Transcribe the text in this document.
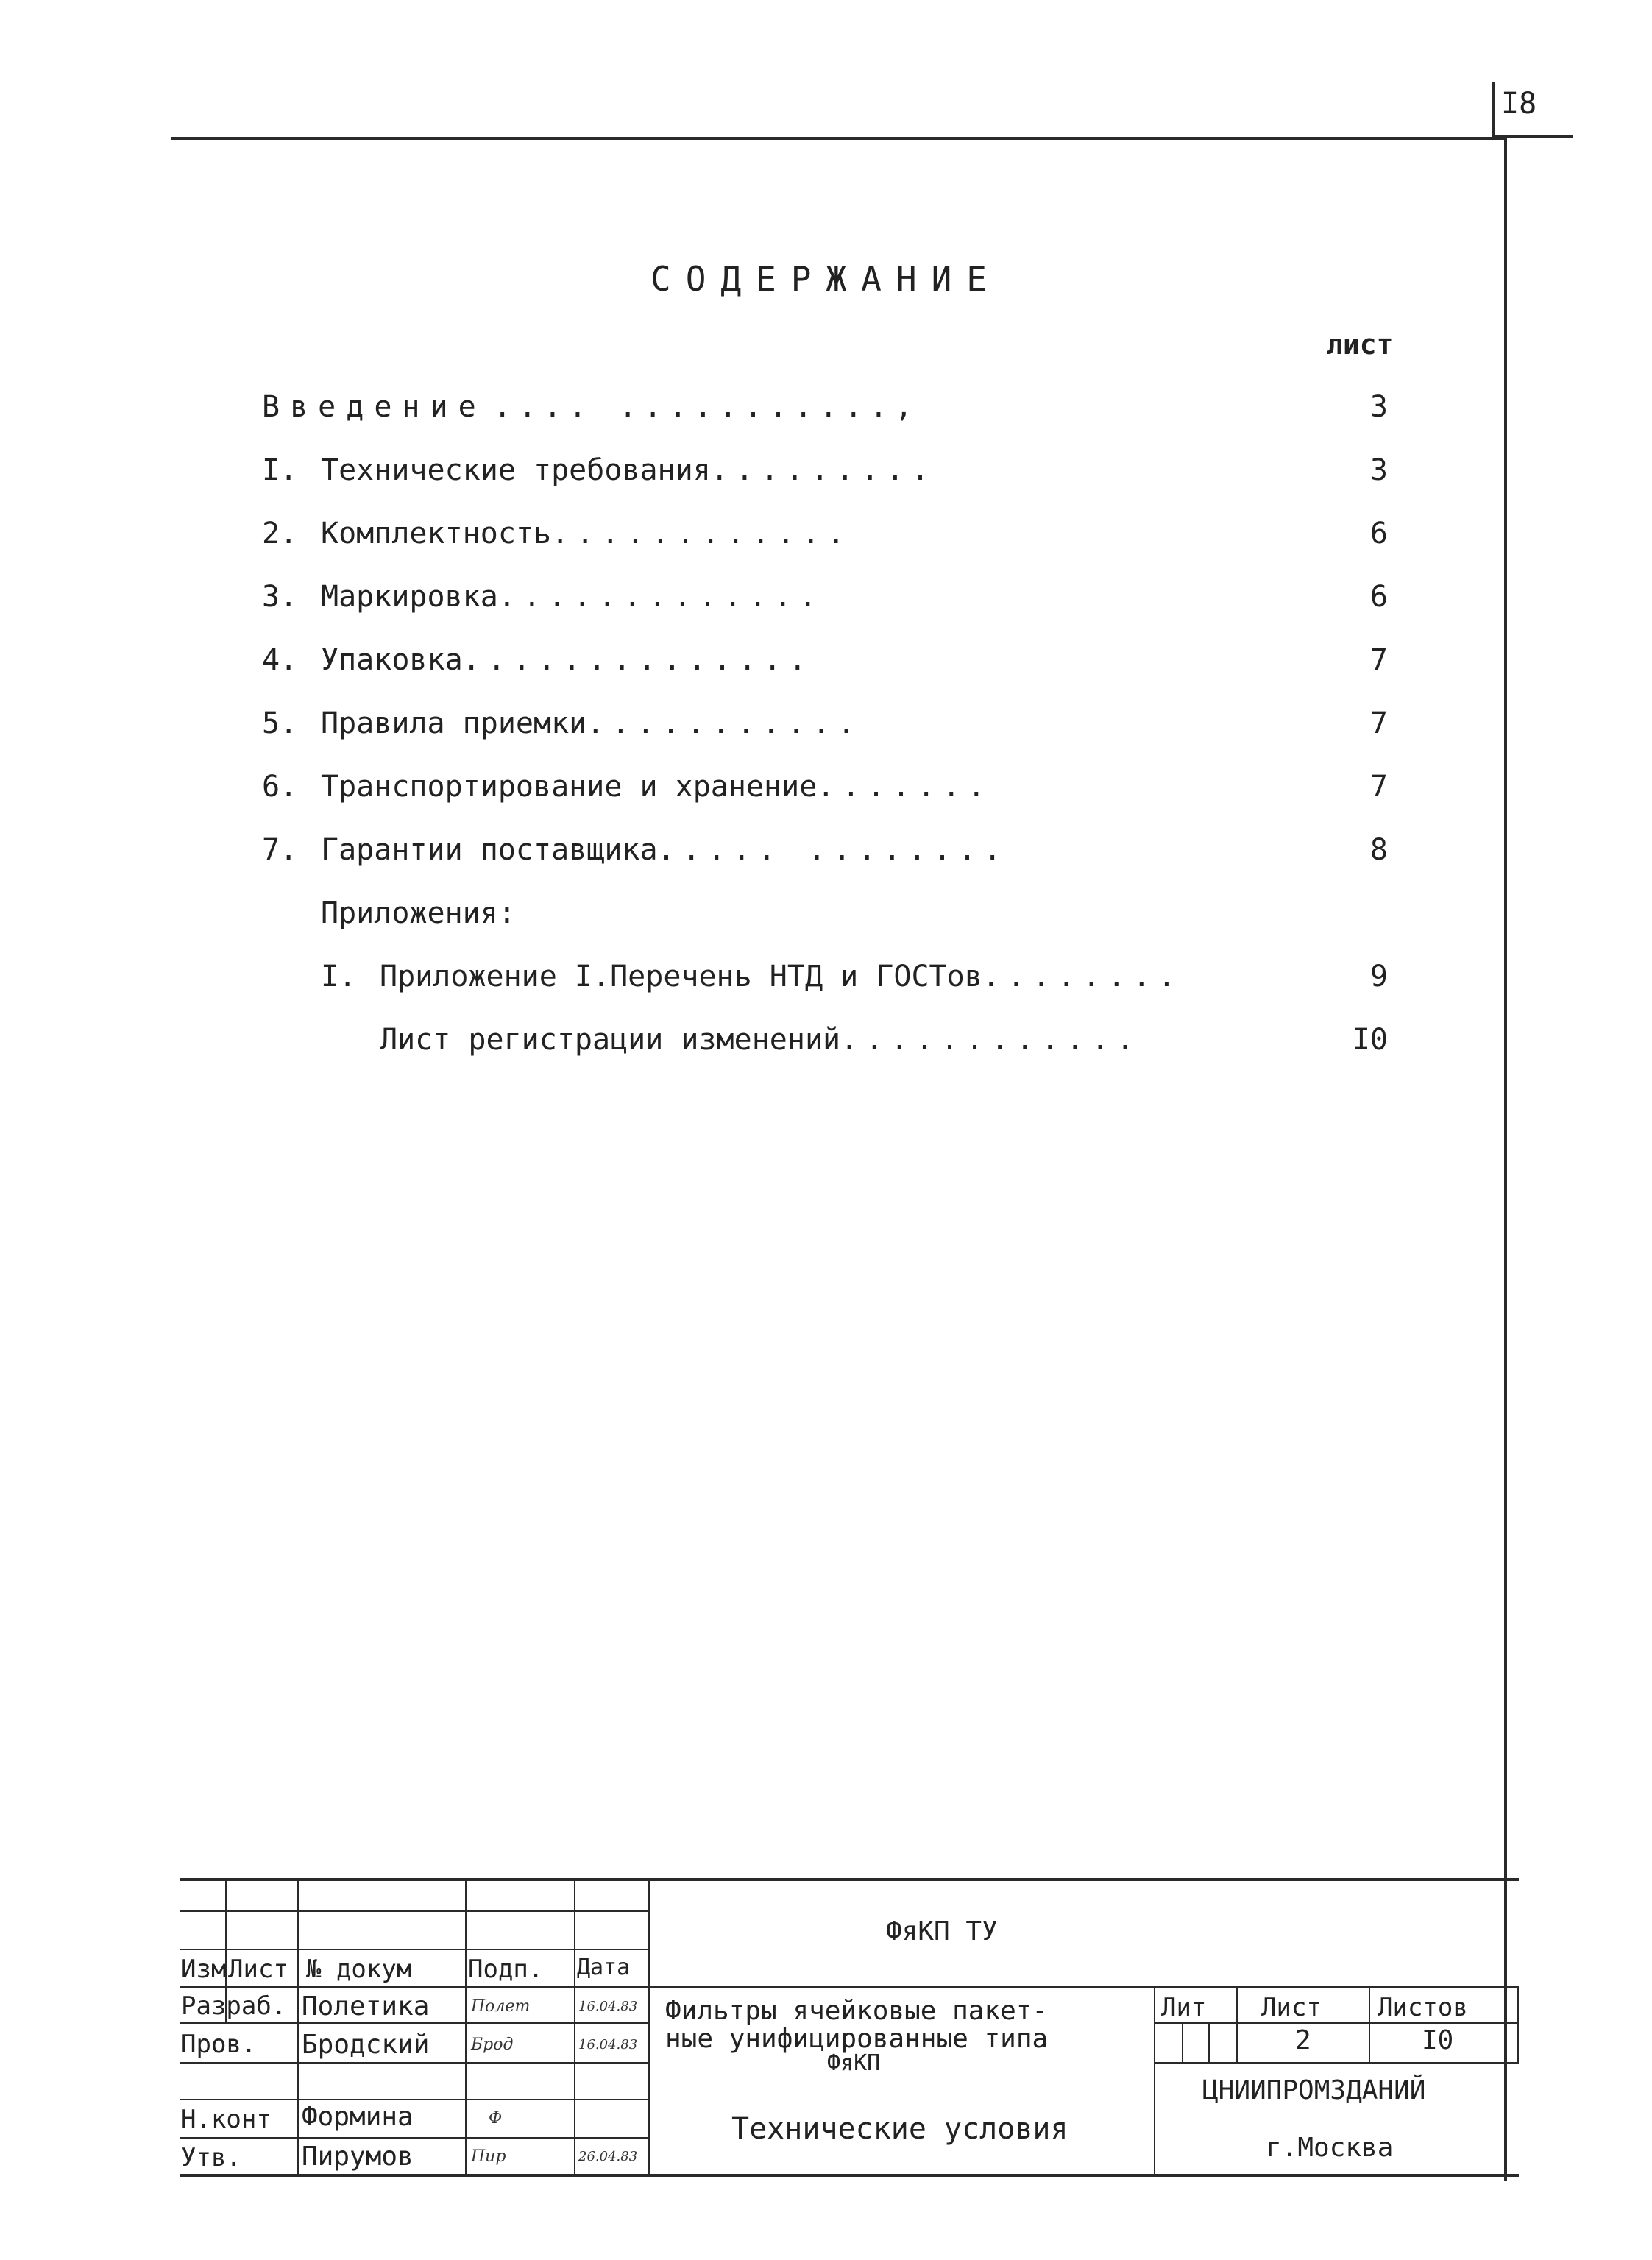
I8
СОДЕРЖАНИЕ
лист
Введение .... ...........,	3
I. Технические требования. ........	3
2. Комплектность. ...........	6
3. Маркировка. ............	6
4. Упаковка. .............	7
5. Правила приемки. ..........	7
6. Транспортирование и хранение. ......	7
7. Гарантии поставщика. .... ........	8
Приложения:
I. Приложение I.Перечень НТД и ГОСТов. .......	9
Лист регистрации изменений. ...........	I0
ФяКП ТУ
Изм Лист № докум Подп. Дата
Разраб. Полетика	Полет	16.04.83
Пров. Бродский	Брод	16.04.83
Н.конт Формина	Ф
Утв. Пирумов	Пир	26.04.83
Фильтры ячейковые пакет-
ные унифицированные типа
ФяКП
Технические условия
Лит Лист Листов
2	I0
ЦНИИПРОМЗДАНИЙ
г.Москва
